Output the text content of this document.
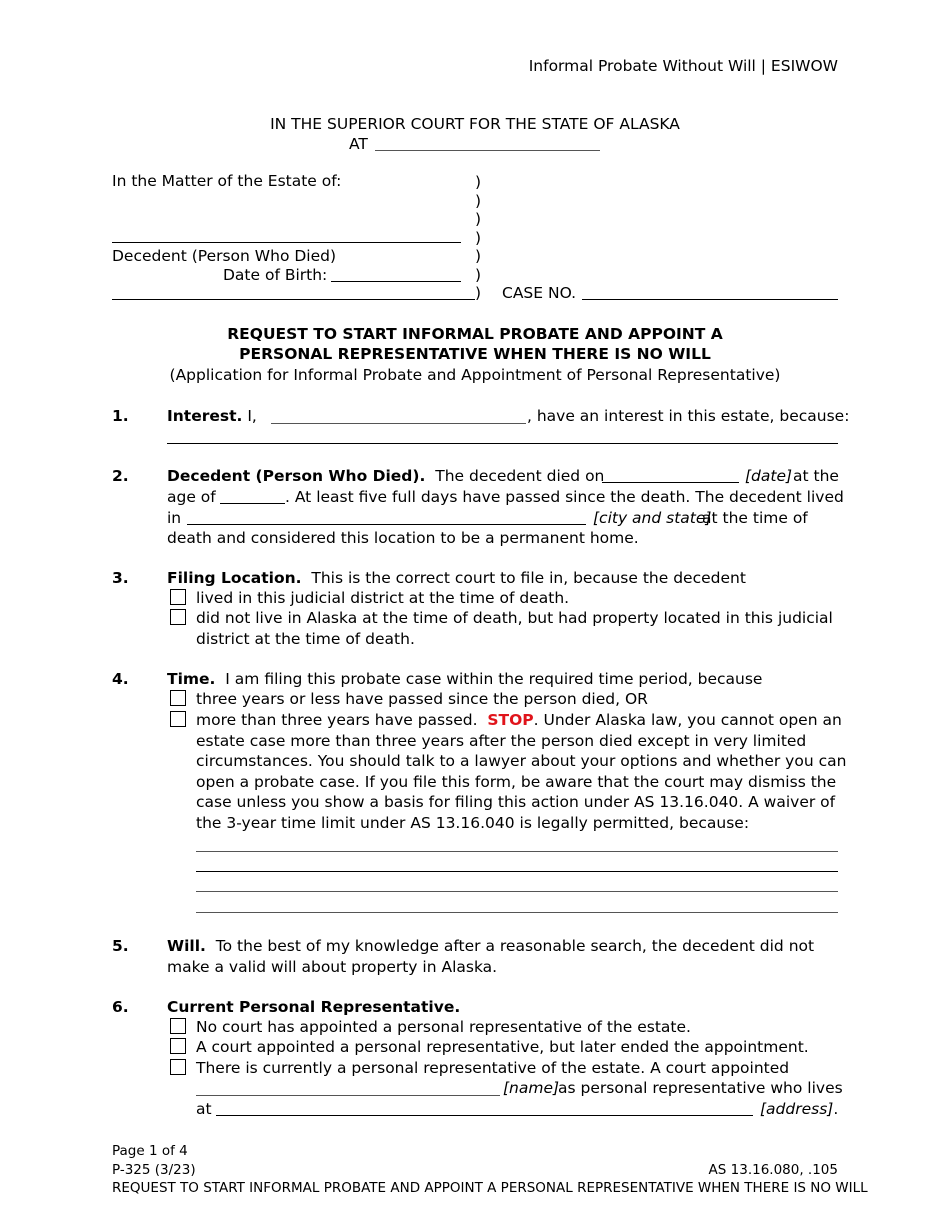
Informal Probate Without Will | ESIWOW
IN THE SUPERIOR COURT FOR THE STATE OF ALASKA
AT
In the Matter of the Estate of:
Decedent (Person Who Died)
Date of Birth:
)
)
)
)
)
)
) CASE NO.
REQUEST TO START INFORMAL PROBATE AND APPOINT A
PERSONAL REPRESENTATIVE WHEN THERE IS NO WILL
(Application for Informal Probate and Appointment of Personal Representative)
1. Interest. I,	, have an interest in this estate, because:
2. Decedent (Person Who Died). The decedent died on	[date] at the
age of	. At least five full days have passed since the death. The decedent lived
in	[city and state]
at the time of
death and considered this location to be a permanent home.
3. Filing Location. This is the correct court to file in, because the decedent
lived in this judicial district at the time of death.
did not live in Alaska at the time of death, but had property located in this judicial
district at the time of death.
4. Time. I am filing this probate case within the required time period, because
three years or less have passed since the person died, OR
more than three years have passed. STOP. Under Alaska law, you cannot open an
estate case more than three years after the person died except in very limited
circumstances. You should talk to a lawyer about your options and whether you can
open a probate case. If you file this form, be aware that the court may dismiss the
case unless you show a basis for filing this action under AS 13.16.040. A waiver of
the 3-year time limit under AS 13.16.040 is legally permitted, because:
5. Will. To the best of my knowledge after a reasonable search, the decedent did not
make a valid will about property in Alaska.
6. Current Personal Representative.
No court has appointed a personal representative of the estate.
A court appointed a personal representative, but later ended the appointment.
There is currently a personal representative of the estate. A court appointed
[name]
as personal representative who lives
at	[address].
Page 1 of 4
P-325 (3/23)	AS 13.16.080, .105
REQUEST TO START INFORMAL PROBATE AND APPOINT A PERSONAL REPRESENTATIVE WHEN THERE IS NO WILL
